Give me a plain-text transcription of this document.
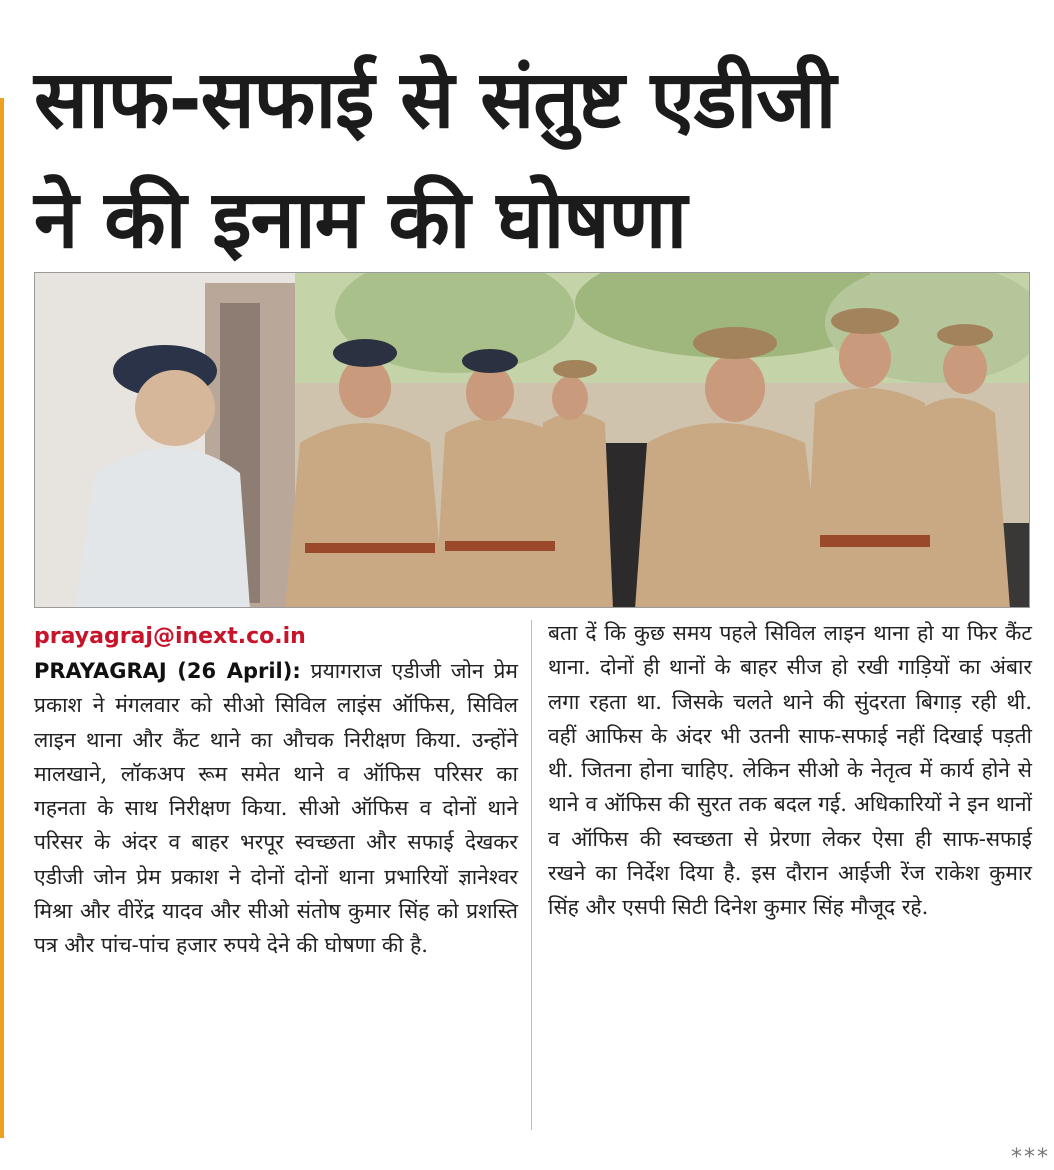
साफ-सफाई से संतुष्ट एडीजी
ने की इनाम की घोषणा
prayagraj@inext.co.in
PRAYAGRAJ (26 April): प्रयागराज एडीजी जोन प्रेम प्रकाश ने मंगलवार को सीओ सिविल लाइंस ऑफिस, सिविल लाइन थाना और कैंट थाने का औचक निरीक्षण किया. उन्होंने मालखाने, लॉकअप रूम समेत थाने व ऑफिस परिसर का गहनता के साथ निरीक्षण किया. सीओ ऑफिस व दोनों थाने परिसर के अंदर व बाहर भरपूर स्वच्छता और सफाई देखकर एडीजी जोन प्रेम प्रकाश ने दोनों दोनों थाना प्रभारियों ज्ञानेश्वर मिश्रा और वीरेंद्र यादव और सीओ संतोष कुमार सिंह को प्रशस्ति पत्र और पांच-पांच हजार रुपये देने की घोषणा की है.
बता दें कि कुछ समय पहले सिविल लाइन थाना हो या फिर कैंट थाना. दोनों ही थानों के बाहर सीज हो रखी गाड़ियों का अंबार लगा रहता था. जिसके चलते थाने की सुंदरता बिगाड़ रही थी. वहीं आफिस के अंदर भी उतनी साफ-सफाई नहीं दिखाई पड़ती थी. जितना होना चाहिए. लेकिन सीओ के नेतृत्व में कार्य होने से थाने व ऑफिस की सुरत तक बदल गई. अधिकारियों ने इन थानों व ऑफिस की स्वच्छता से प्रेरणा लेकर ऐसा ही साफ-सफाई रखने का निर्देश दिया है. इस दौरान आईजी रेंज राकेश कुमार सिंह और एसपी सिटी दिनेश कुमार सिंह मौजूद रहे.
***
